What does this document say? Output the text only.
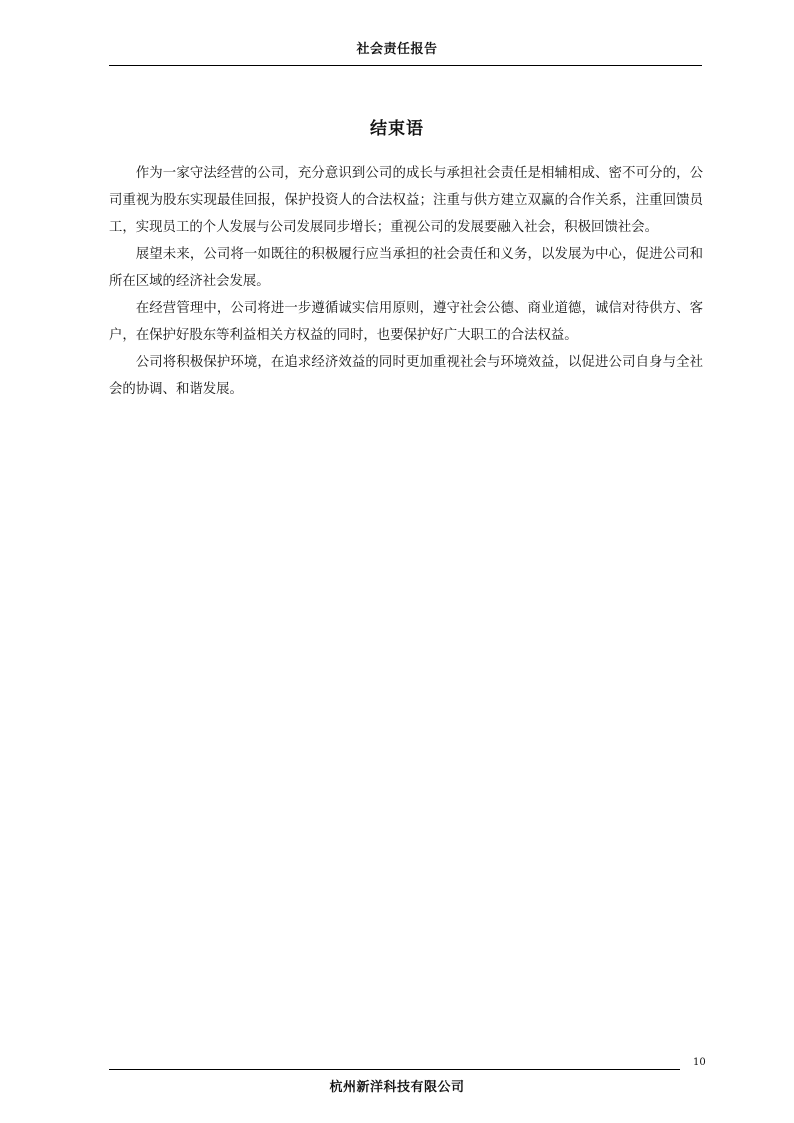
社会责任报告
结束语

作为一家守法经营的公司，充分意识到公司的成长与承担社会责任是相辅相成、密不可分的，公司重视为股东实现最佳回报，保护投资人的合法权益；注重与供方建立双赢的合作关系，注重回馈员工，实现员工的个人发展与公司发展同步增长；重视公司的发展要融入社会，积极回馈社会。

展望未来，公司将一如既往的积极履行应当承担的社会责任和义务，以发展为中心，促进公司和所在区域的经济社会发展。

在经营管理中，公司将进一步遵循诚实信用原则，遵守社会公德、商业道德，诚信对待供方、客户，在保护好股东等利益相关方权益的同时，也要保护好广大职工的合法权益。

公司将积极保护环境，在追求经济效益的同时更加重视社会与环境效益，以促进公司自身与全社会的协调、和谐发展。

10
杭州新洋科技有限公司
